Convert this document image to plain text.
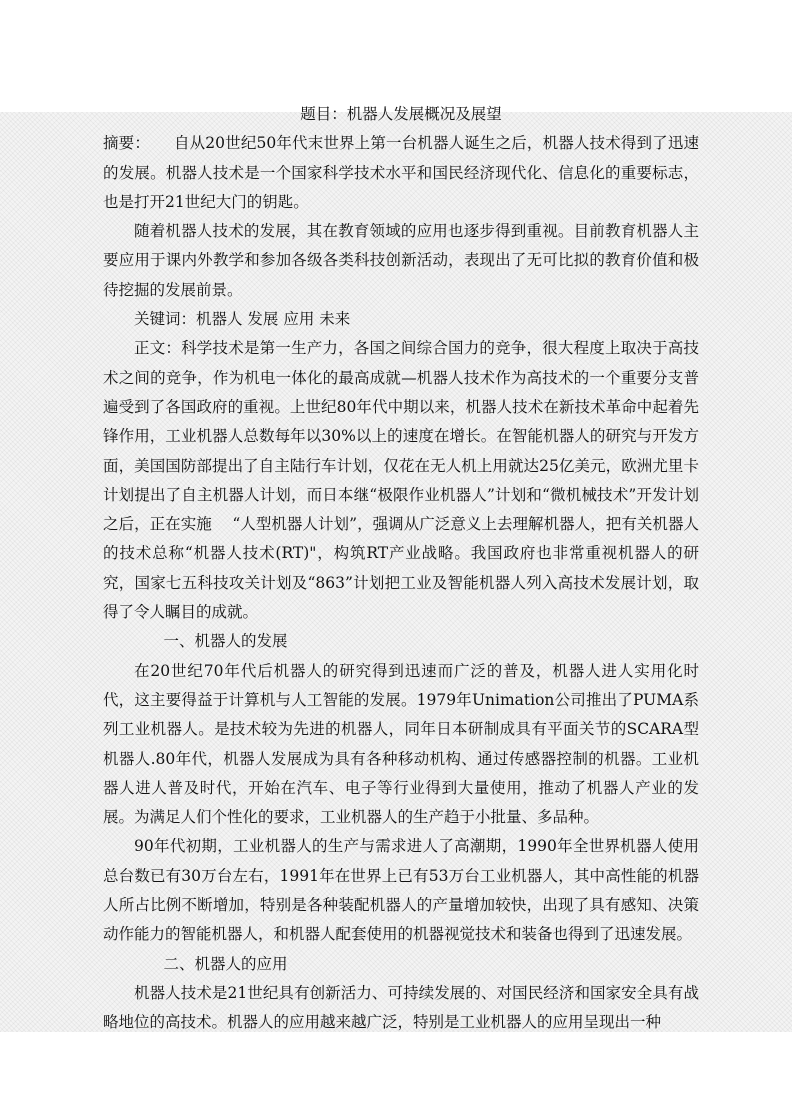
题目：机器人发展概况及展望

摘要： 自从20世纪50年代末世界上第一台机器人诞生之后，机器人技术得到了迅速的发展。机器人技术是一个国家科学技术水平和国民经济现代化、信息化的重要标志，也是打开21世纪大门的钥匙。

随着机器人技术的发展，其在教育领域的应用也逐步得到重视。目前教育机器人主要应用于课内外教学和参加各级各类科技创新活动，表现出了无可比拟的教育价值和极待挖掘的发展前景。

关键词：机器人 发展 应用 未来

正文：科学技术是第一生产力，各国之间综合国力的竞争，很大程度上取决于高技术之间的竞争，作为机电一体化的最高成就—机器人技术作为高技术的一个重要分支普遍受到了各国政府的重视。上世纪80年代中期以来，机器人技术在新技术革命中起着先锋作用，工业机器人总数每年以30%以上的速度在增长。在智能机器人的研究与开发方面，美国国防部提出了自主陆行车计划，仅花在无人机上用就达25亿美元，欧洲尤里卡计划提出了自主机器人计划，而日本继“极限作业机器人”计划和“微机械技术”开发计划之后，正在实施　 “人型机器人计划”，强调从广泛意义上去理解机器人，把有关机器人的技术总称“机器人技术(RT)"，构筑RT产业战略。我国政府也非常重视机器人的研究，国家七五科技攻关计划及“863”计划把工业及智能机器人列入高技术发展计划，取得了令人瞩目的成就。

一、机器人的发展

在20世纪70年代后机器人的研究得到迅速而广泛的普及，机器人进人实用化时代，这主要得益于计算机与人工智能的发展。1979年Unimation公司推出了PUMA系列工业机器人。是技术较为先进的机器人，同年日本研制成具有平面关节的SCARA型机器人.80年代，机器人发展成为具有各种移动机构、通过传感器控制的机器。工业机器人进人普及时代，开始在汽车、电子等行业得到大量使用，推动了机器人产业的发展。为满足人们个性化的要求，工业机器人的生产趋于小批量、多品种。

90年代初期，工业机器人的生产与需求进人了高潮期，1990年全世界机器人使用总台数已有30万台左右，1991年在世界上已有53万台工业机器人，其中高性能的机器人所占比例不断增加，特别是各种装配机器人的产量增加较快，出现了具有感知、决策动作能力的智能机器人，和机器人配套使用的机器视觉技术和装备也得到了迅速发展。

二、机器人的应用

机器人技术是21世纪具有创新活力、可持续发展的、对国民经济和国家安全具有战略地位的高技术。机器人的应用越来越广泛，特别是工业机器人的应用呈现出一种
